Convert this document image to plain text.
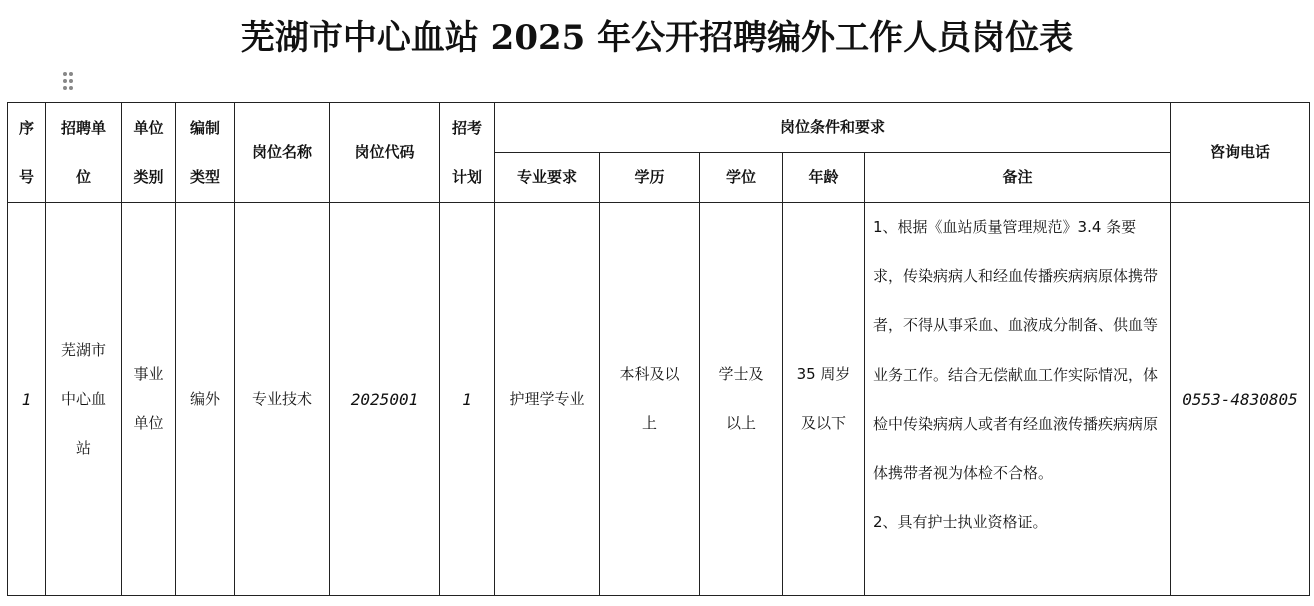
芜湖市中心血站 2025 年公开招聘编外工作人员岗位表
序号	招聘单位	单位类别	编制类型	岗位名称	岗位代码	招考计划	岗位条件和要求					咨询电话

							专业要求	学历	学位	年龄	备注	

1	芜湖市中心血站	事业单位	编外	专业技术	2025001	1	护理学专业	本科及以上	学士及以上	35 周岁及以下	1、根据《血站质量管理规范》3.4 条要求，传染病病人和经血传播疾病病原体携带者，不得从事采血、血液成分制备、供血等业务工作。结合无偿献血工作实际情况，体检中传染病病人或者有经血液传播疾病病原体携带者视为体检不合格。

2、具有护士执业资格证。	0553-4830805
